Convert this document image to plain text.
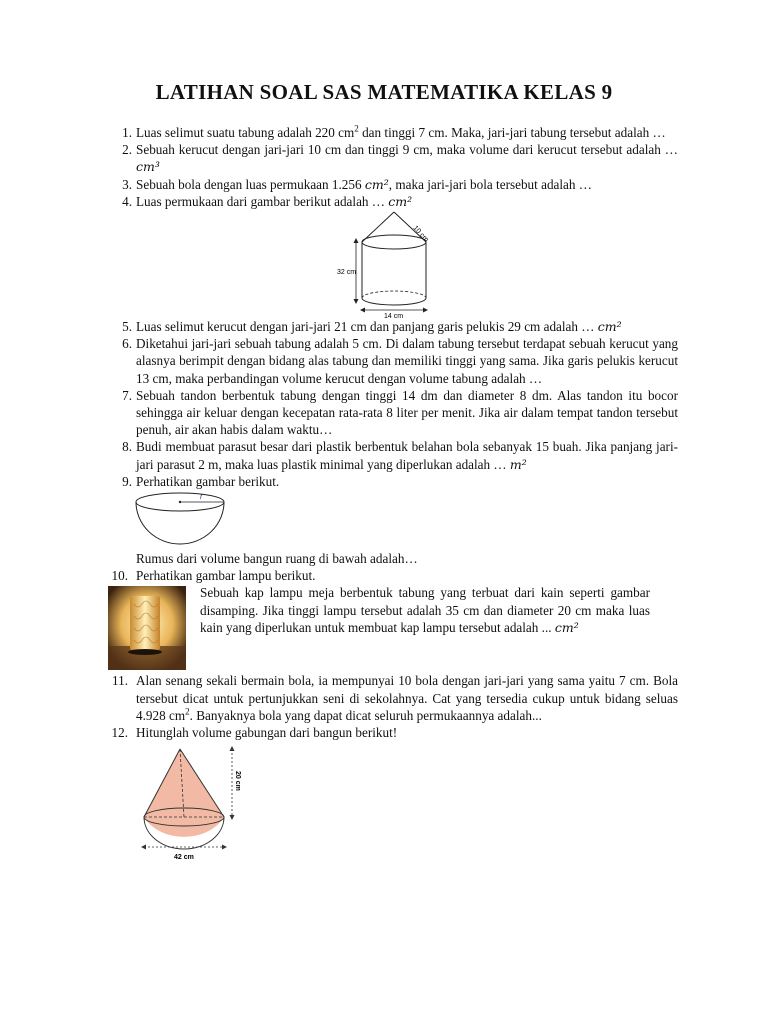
LATIHAN SOAL SAS MATEMATIKA KELAS 9
1. Luas selimut suatu tabung adalah 220 $cm^2$ dan tinggi 7 cm. Maka, jari-jari tabung tersebut adalah …
2. Sebuah kerucut dengan jari-jari 10 cm dan tinggi 9 cm, maka volume dari kerucut tersebut adalah … cm³
3. Sebuah bola dengan luas permukaan 1.256 cm², maka jari-jari bola tersebut adalah …
4. Luas permukaan dari gambar berikut adalah … cm²
10 cm
32 cm
14 cm
5. Luas selimut kerucut dengan jari-jari 21 cm dan panjang garis pelukis 29 cm adalah … cm²
6. Diketahui jari-jari sebuah tabung adalah 5 cm. Di dalam tabung tersebut terdapat sebuah kerucut yang alasnya berimpit dengan bidang alas tabung dan memiliki tinggi yang sama. Jika garis pelukis kerucut 13 cm, maka perbandingan volume kerucut dengan volume tabung adalah …
7. Sebuah tandon berbentuk tabung dengan tinggi 14 dm dan diameter 8 dm. Alas tandon itu bocor sehingga air keluar dengan kecepatan rata-rata 8 liter per menit. Jika air dalam tempat tandon tersebut penuh, air akan habis dalam waktu…
8. Budi membuat parasut besar dari plastik berbentuk belahan bola sebanyak 15 buah. Jika panjang jari-jari parasut 2 m, maka luas plastik minimal yang diperlukan adalah … m²
9. Perhatikan gambar berikut.
r
Rumus dari volume bangun ruang di bawah adalah…
10. Perhatikan gambar lampu berikut.
Sebuah kap lampu meja berbentuk tabung yang terbuat dari kain seperti gambar disamping. Jika tinggi lampu tersebut adalah 35 cm dan diameter 20 cm maka luas kain yang diperlukan untuk membuat kap lampu tersebut adalah ... cm²
11. Alan senang sekali bermain bola, ia mempunyai 10 bola dengan jari-jari yang sama yaitu 7 cm. Bola tersebut dicat untuk pertunjukkan seni di sekolahnya. Cat yang tersedia cukup untuk bidang seluas 4.928 $cm^2$. Banyaknya bola yang dapat dicat seluruh permukaannya adalah...
12. Hitunglah volume gabungan dari bangun berikut!
20 cm
42 cm
